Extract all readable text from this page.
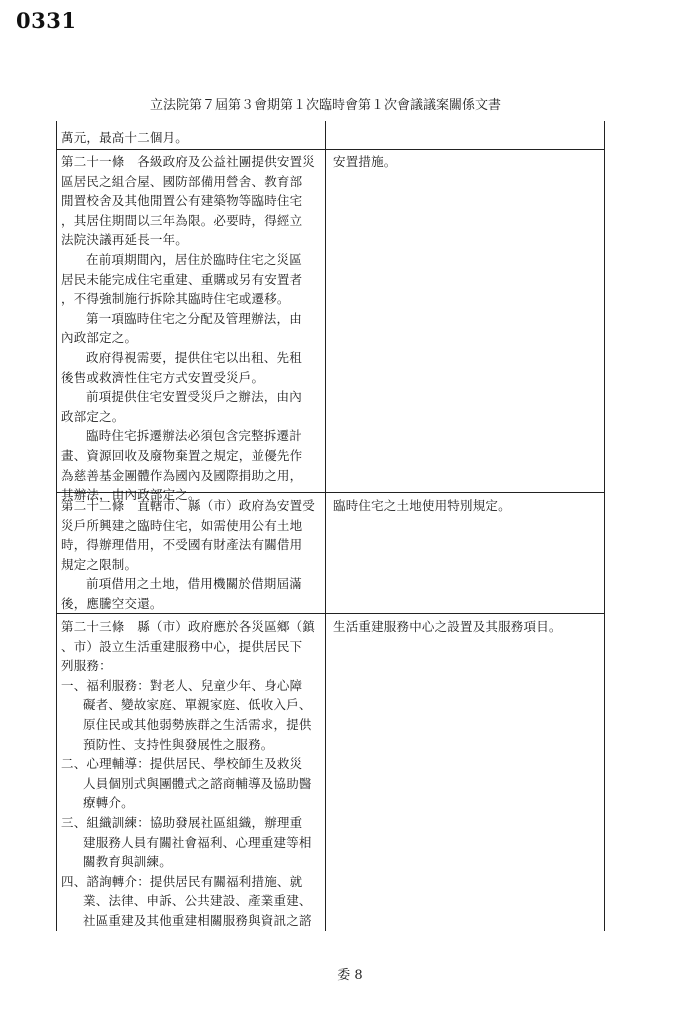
0331
立法院第７屆第３會期第１次臨時會第１次會議議案關係文書
萬元，最高十二個月。
第二十一條　各級政府及公益社團提供安置災
區居民之組合屋、國防部備用營舍、教育部
閒置校舍及其他閒置公有建築物等臨時住宅
，其居住期間以三年為限。必要時，得經立
法院決議再延長一年。
在前項期間內，居住於臨時住宅之災區
居民未能完成住宅重建、重購或另有安置者
，不得強制施行拆除其臨時住宅或遷移。
第一項臨時住宅之分配及管理辦法，由
內政部定之。
政府得視需要，提供住宅以出租、先租
後售或救濟性住宅方式安置受災戶。
前項提供住宅安置受災戶之辦法，由內
政部定之。
臨時住宅拆遷辦法必須包含完整拆遷計
畫、資源回收及廢物棄置之規定，並優先作
為慈善基金團體作為國內及國際捐助之用，
其辦法，由內政部定之。
安置措施。
第二十二條　直轄市、縣（市）政府為安置受
災戶所興建之臨時住宅，如需使用公有土地
時，得辦理借用，不受國有財產法有關借用
規定之限制。
前項借用之土地，借用機關於借期屆滿
後，應騰空交還。
臨時住宅之土地使用特別規定。
第二十三條　縣（市）政府應於各災區鄉（鎮
、市）設立生活重建服務中心，提供居民下
列服務：
一、福利服務：對老人、兒童少年、身心障
礙者、變故家庭、單親家庭、低收入戶、
原住民或其他弱勢族群之生活需求，提供
預防性、支持性與發展性之服務。
二、心理輔導：提供居民、學校師生及救災
人員個別式與團體式之諮商輔導及協助醫
療轉介。
三、組織訓練：協助發展社區組織，辦理重
建服務人員有關社會福利、心理重建等相
關教育與訓練。
四、諮詢轉介：提供居民有關福利措施、就
業、法律、申訴、公共建設、產業重建、
社區重建及其他重建相關服務與資訊之諮
生活重建服務中心之設置及其服務項目。
委 8
